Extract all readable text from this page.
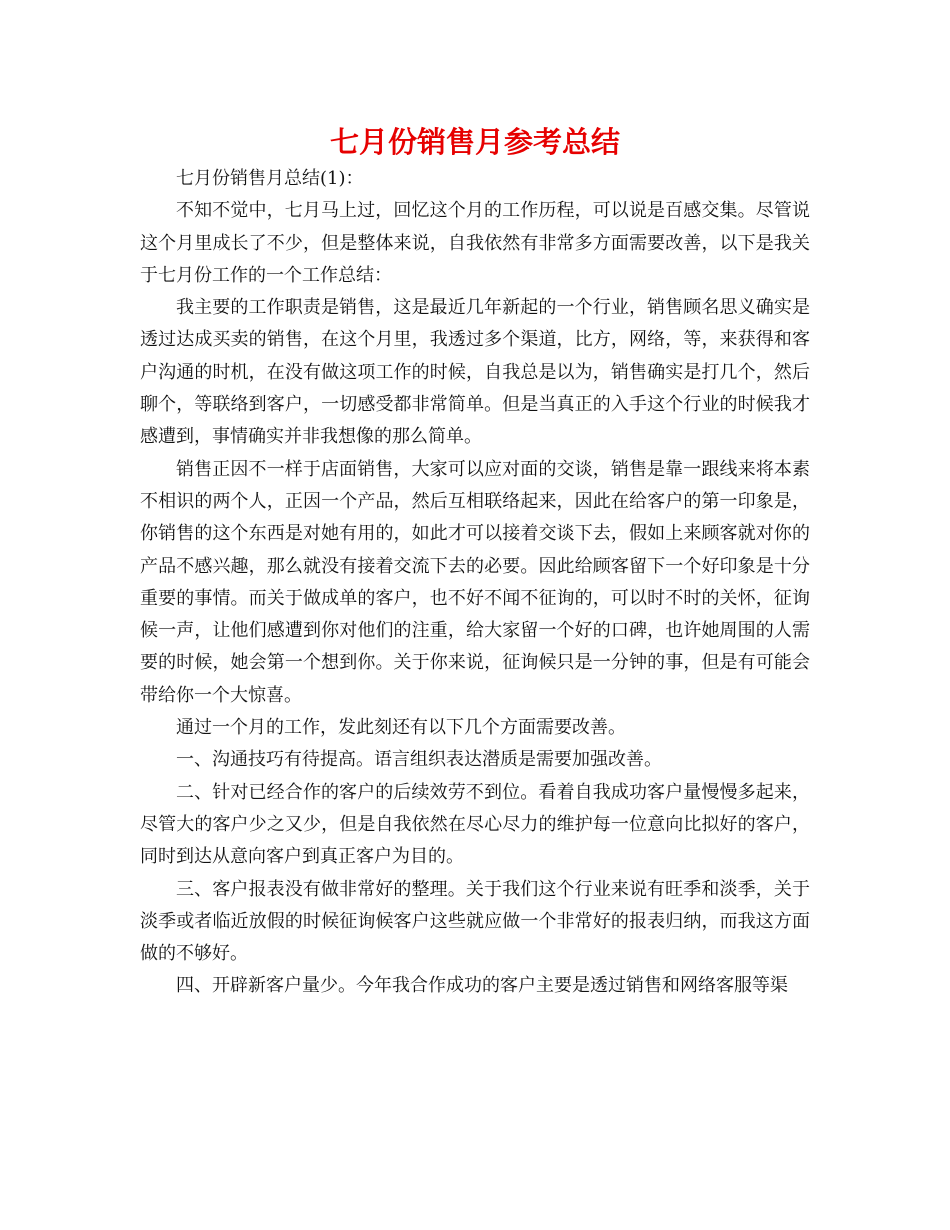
七月份销售月参考总结

七月份销售月总结(1)：

不知不觉中，七月马上过，回忆这个月的工作历程，可以说是百感交集。尽管说这个月里成长了不少，但是整体来说，自我依然有非常多方面需要改善，以下是我关于七月份工作的一个工作总结：

我主要的工作职责是销售，这是最近几年新起的一个行业，销售顾名思义确实是透过达成买卖的销售，在这个月里，我透过多个渠道，比方，网络，等，来获得和客户沟通的时机，在没有做这项工作的时候，自我总是以为，销售确实是打几个，然后聊个，等联络到客户，一切感受都非常简单。但是当真正的入手这个行业的时候我才感遭到，事情确实并非我想像的那么简单。

销售正因不一样于店面销售，大家可以应对面的交谈，销售是靠一跟线来将本素不相识的两个人，正因一个产品，然后互相联络起来，因此在给客户的第一印象是，你销售的这个东西是对她有用的，如此才可以接着交谈下去，假如上来顾客就对你的产品不感兴趣，那么就没有接着交流下去的必要。因此给顾客留下一个好印象是十分重要的事情。而关于做成单的客户，也不好不闻不征询的，可以时不时的关怀，征询候一声，让他们感遭到你对他们的注重，给大家留一个好的口碑，也许她周围的人需要的时候，她会第一个想到你。关于你来说，征询候只是一分钟的事，但是有可能会带给你一个大惊喜。

通过一个月的工作，发此刻还有以下几个方面需要改善。

一、沟通技巧有待提高。语言组织表达潜质是需要加强改善。

二、针对已经合作的客户的后续效劳不到位。看着自我成功客户量慢慢多起来，尽管大的客户少之又少，但是自我依然在尽心尽力的维护每一位意向比拟好的客户，同时到达从意向客户到真正客户为目的。

三、客户报表没有做非常好的整理。关于我们这个行业来说有旺季和淡季，关于淡季或者临近放假的时候征询候客户这些就应做一个非常好的报表归纳，而我这方面做的不够好。

四、开辟新客户量少。今年我合作成功的客户主要是透过销售和网络客服等渠
